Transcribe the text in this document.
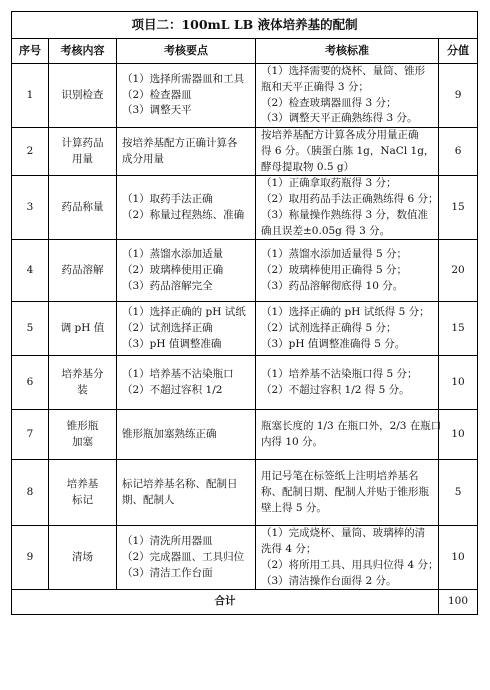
项目二：100mL LB 液体培养基的配制				
序号	考核内容	考核要点	考核标准	分值
1	识别检查	（1）选择所需器皿和工具
（2）检查器皿
（3）调整天平	（1）选择需要的烧杯、量筒、锥形
瓶和天平正确得 3 分；
（2）检查玻璃器皿得 3 分；
（3）调整天平正确熟练得 3 分。	9
2	计算药品
用量	按培养基配方正确计算各
成分用量	按培养基配方计算各成分用量正确
得 6 分。（胰蛋白胨 1g，NaCl 1g，
酵母提取物 0.5 g）	6
3	药品称量	（1）取药手法正确
（2）称量过程熟练、准确	（1）正确拿取药瓶得 3 分；
（2）取用药品手法正确熟练得 6 分；
（3）称量操作熟练得 3 分，数值准
确且误差±0.05g 得 3 分。	15
4	药品溶解	（1）蒸馏水添加适量
（2）玻璃棒使用正确
（3）药品溶解完全	（1）蒸馏水添加适量得 5 分；
（2）玻璃棒使用正确得 5 分；
（3）药品溶解彻底得 10 分。	20
5	调 pH 值	（1）选择正确的 pH 试纸
（2）试剂选择正确
（3）pH 值调整准确	（1）选择正确的 pH 试纸得 5 分；
（2）试剂选择正确得 5 分；
（3）pH 值调整准确得 5 分。	15
6	培养基分
装	（1）培养基不沾染瓶口
（2）不超过容积 1/2	（1）培养基不沾染瓶口得 5 分；
（2）不超过容积 1/2 得 5 分。	10
7	锥形瓶
加塞	锥形瓶加塞熟练正确	瓶塞长度的 1/3 在瓶口外，2/3 在瓶口
内得 10 分。	10
8	培养基
标记	标记培养基名称、配制日
期、配制人	用记号笔在标签纸上注明培养基名
称、配制日期、配制人并贴于锥形瓶
壁上得 5 分。	5
9	清场	（1）清洗所用器皿
（2）完成器皿、工具归位
（3）清洁工作台面	（1）完成烧杯、量筒、玻璃棒的清
洗得 4 分；
（2）将所用工具、用具归位得 4 分；
（3）清洁操作台面得 2 分。	10
合计				100
